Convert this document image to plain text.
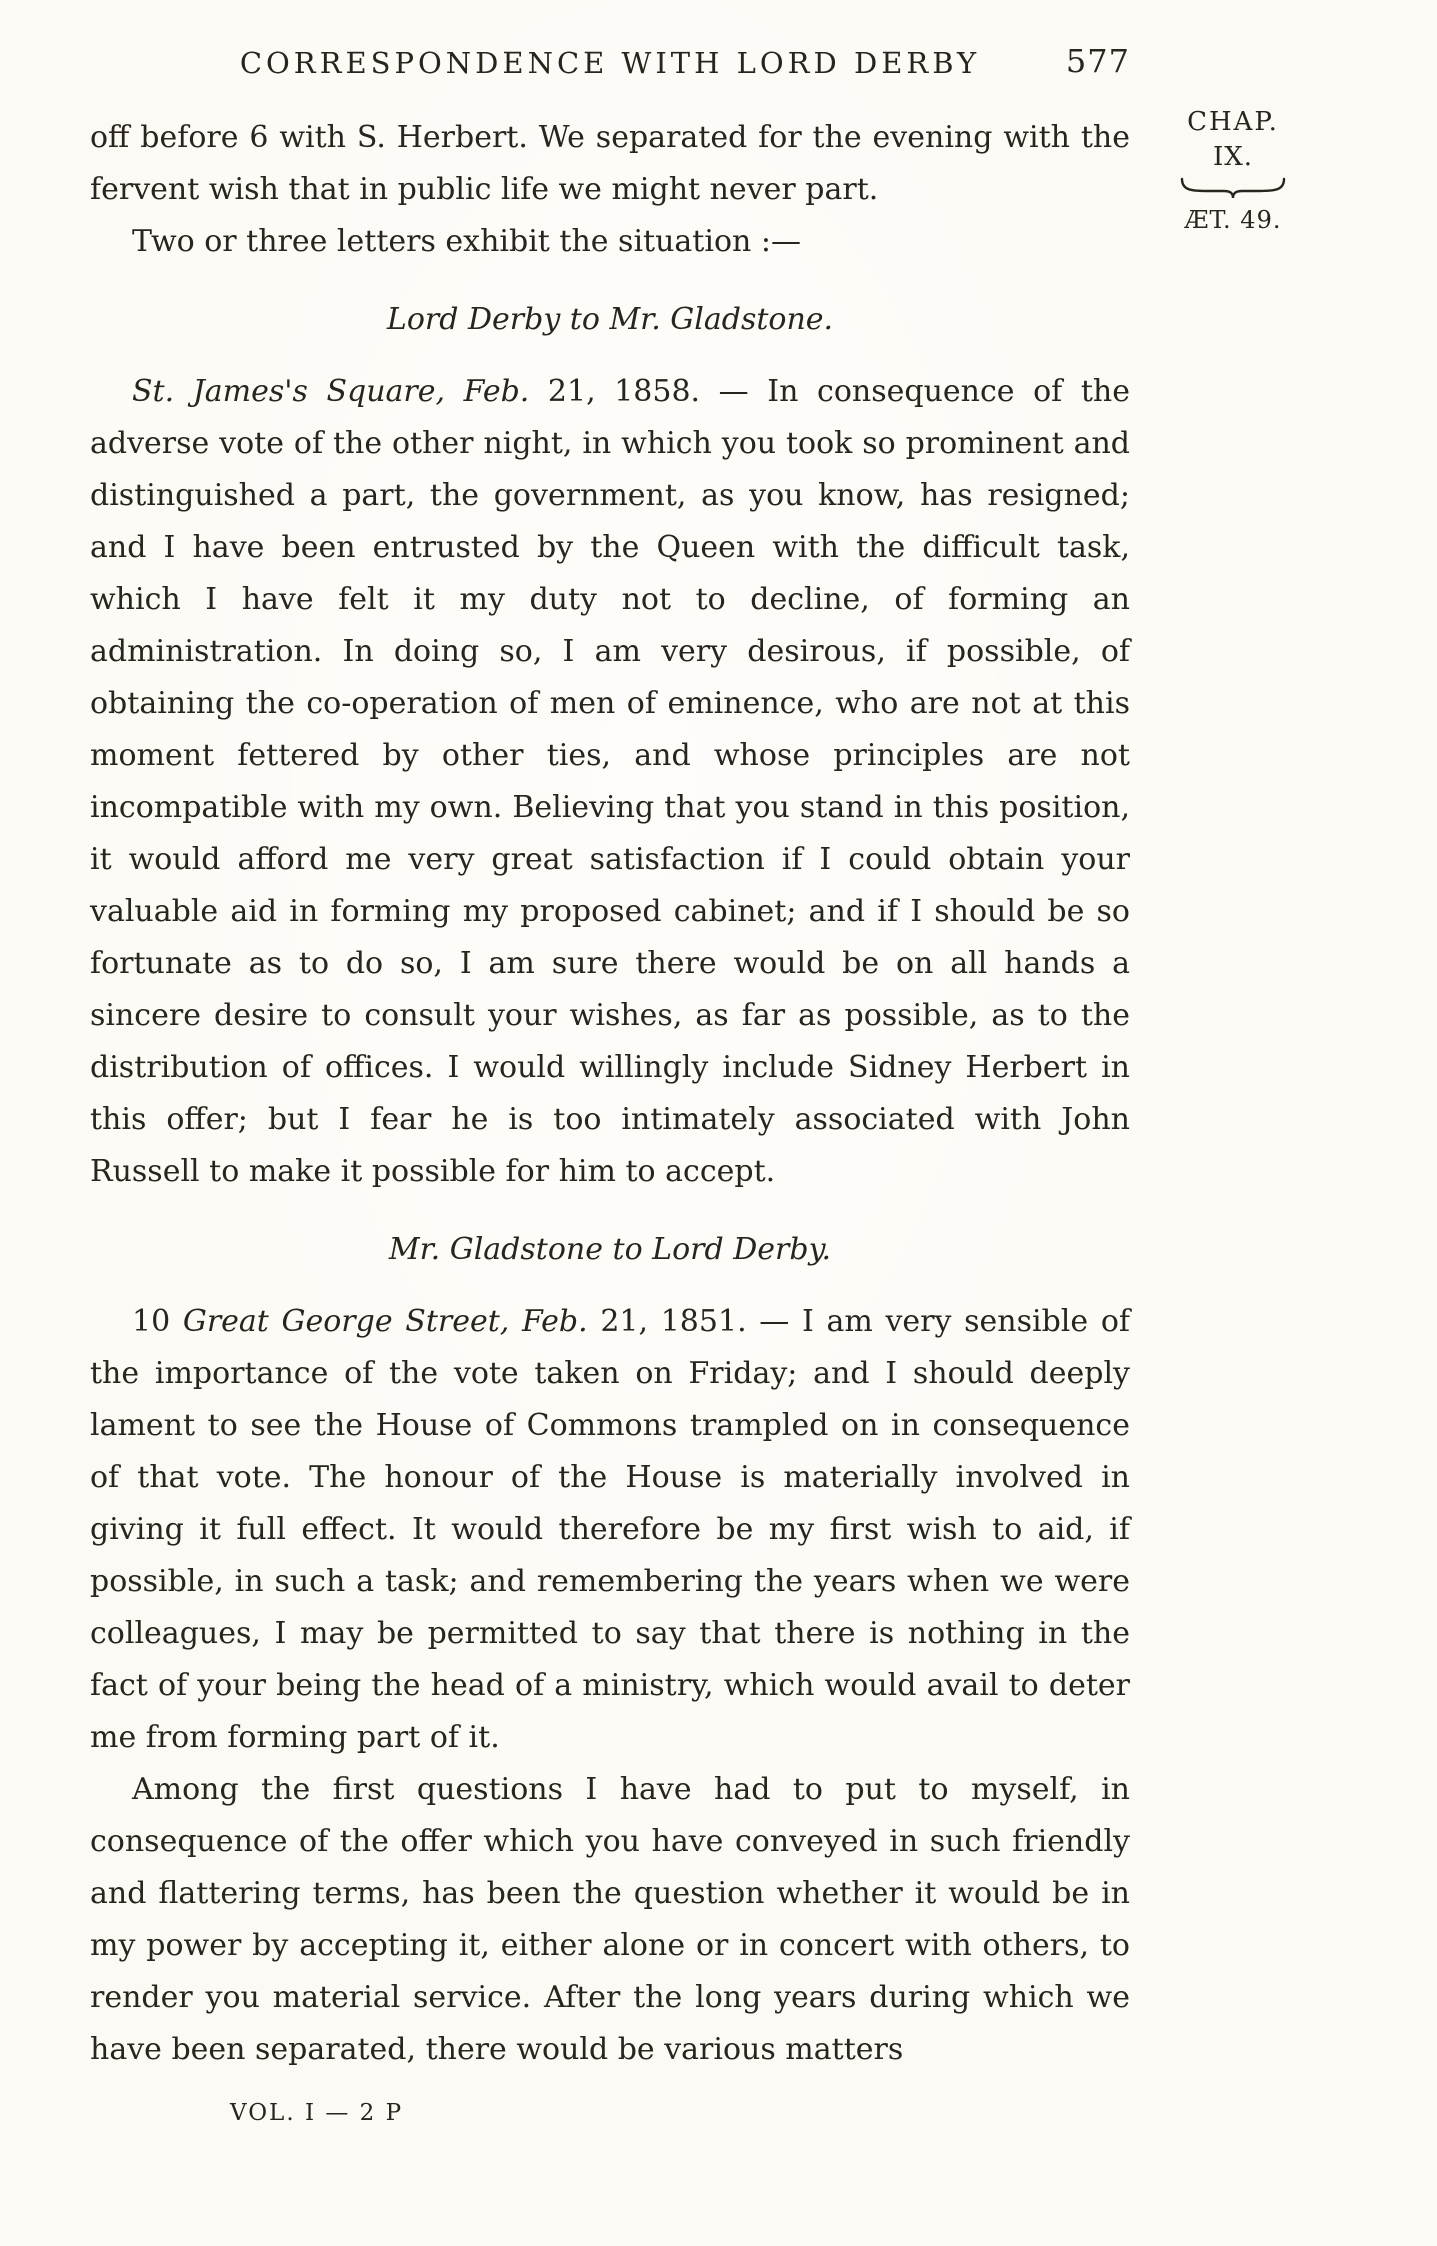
CORRESPONDENCE WITH LORD DERBY	577

off before 6 with S. Herbert. We separated for the evening with the fervent wish that in public life we might never part.

Two or three letters exhibit the situation :—

Lord Derby to Mr. Gladstone.

St. James's Square, Feb. 21, 1858. — In consequence of the adverse vote of the other night, in which you took so prominent and distinguished a part, the government, as you know, has resigned; and I have been entrusted by the Queen with the difficult task, which I have felt it my duty not to decline, of forming an administration. In doing so, I am very desirous, if possible, of obtaining the co-operation of men of eminence, who are not at this moment fettered by other ties, and whose principles are not incompatible with my own. Believing that you stand in this position, it would afford me very great satisfaction if I could obtain your valuable aid in forming my proposed cabinet; and if I should be so fortunate as to do so, I am sure there would be on all hands a sincere desire to consult your wishes, as far as possible, as to the distribution of offices. I would willingly include Sidney Herbert in this offer; but I fear he is too intimately associated with John Russell to make it possible for him to accept.

Mr. Gladstone to Lord Derby.

10 Great George Street, Feb. 21, 1851. — I am very sensible of the importance of the vote taken on Friday; and I should deeply lament to see the House of Commons trampled on in consequence of that vote. The honour of the House is materially involved in giving it full effect. It would therefore be my first wish to aid, if possible, in such a task; and remembering the years when we were colleagues, I may be permitted to say that there is nothing in the fact of your being the head of a ministry, which would avail to deter me from forming part of it.

Among the first questions I have had to put to myself, in consequence of the offer which you have conveyed in such friendly and flattering terms, has been the question whether it would be in my power by accepting it, either alone or in concert with others, to render you material service. After the long years during which we have been separated, there would be various matters

VOL. I — 2 P
CHAP.
IX.
ÆT. 49.
